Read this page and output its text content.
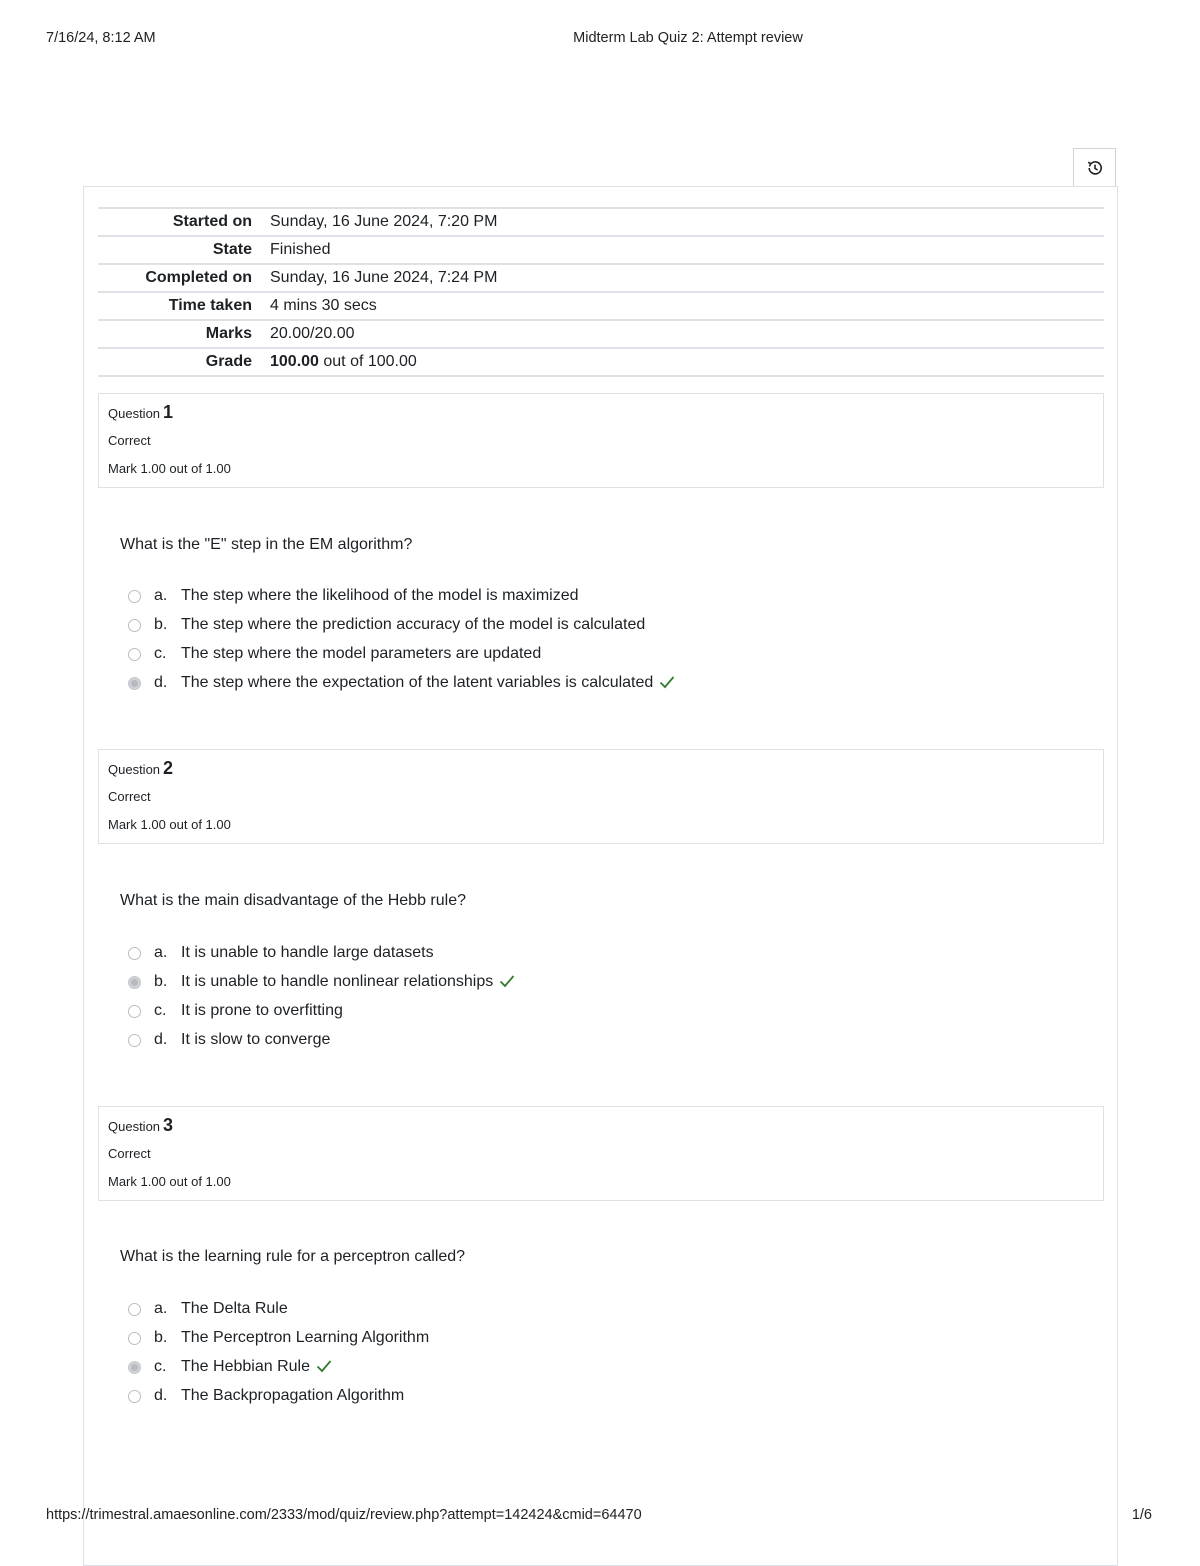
7/16/24, 8:12 AM	Midterm Lab Quiz 2: Attempt review
Started on Sunday, 16 June 2024, 7:20 PM
State Finished
Completed on Sunday, 16 June 2024, 7:24 PM
Time taken 4 mins 30 secs
Marks 20.00/20.00
Grade 100.00 out of 100.00
Question 1
Correct
Mark 1.00 out of 1.00
What is the "E" step in the EM algorithm?
a. The step where the likelihood of the model is maximized
b. The step where the prediction accuracy of the model is calculated
c. The step where the model parameters are updated
d. The step where the expectation of the latent variables is calculated
Question 2
Correct
Mark 1.00 out of 1.00
What is the main disadvantage of the Hebb rule?
a. It is unable to handle large datasets
b. It is unable to handle nonlinear relationships
c. It is prone to overfitting
d. It is slow to converge
Question 3
Correct
Mark 1.00 out of 1.00
What is the learning rule for a perceptron called?
a. The Delta Rule
b. The Perceptron Learning Algorithm
c. The Hebbian Rule
d. The Backpropagation Algorithm
https://trimestral.amaesonline.com/2333/mod/quiz/review.php?attempt=142424&cmid=64470	1/6
